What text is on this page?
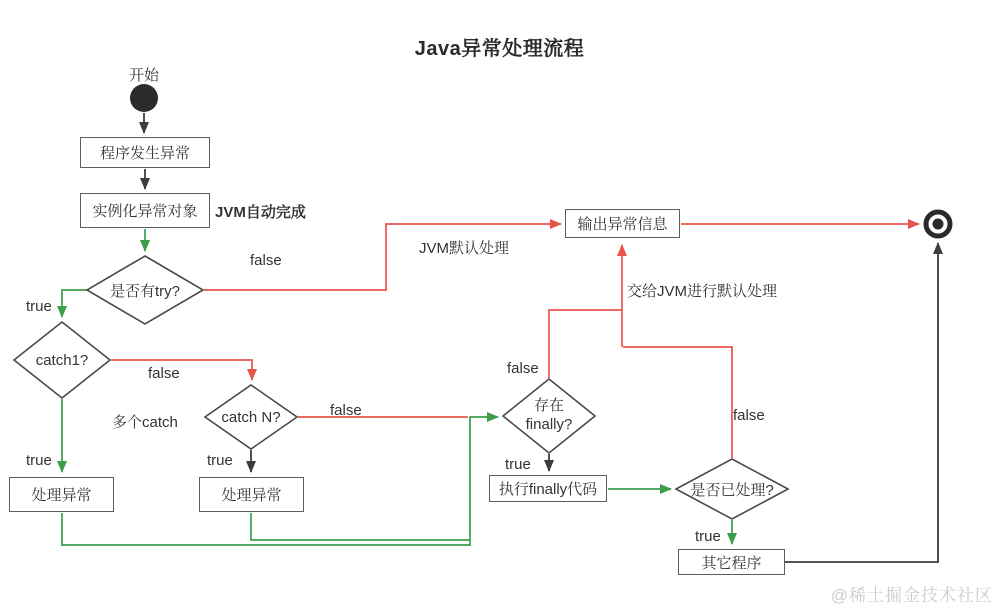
Java异常处理流程
程序发生异常
实例化异常对象
输出异常信息
处理异常	处理异常	执行finally代码
其它程序
是否有try?
catch1?
catch N?
存在
finally?
是否已处理?
开始
JVM自动完成
false
JVM默认处理
true
false
多个catch
true	true
false
false
true
交给JVM进行默认处理
false
true
@稀土掘金技术社区
